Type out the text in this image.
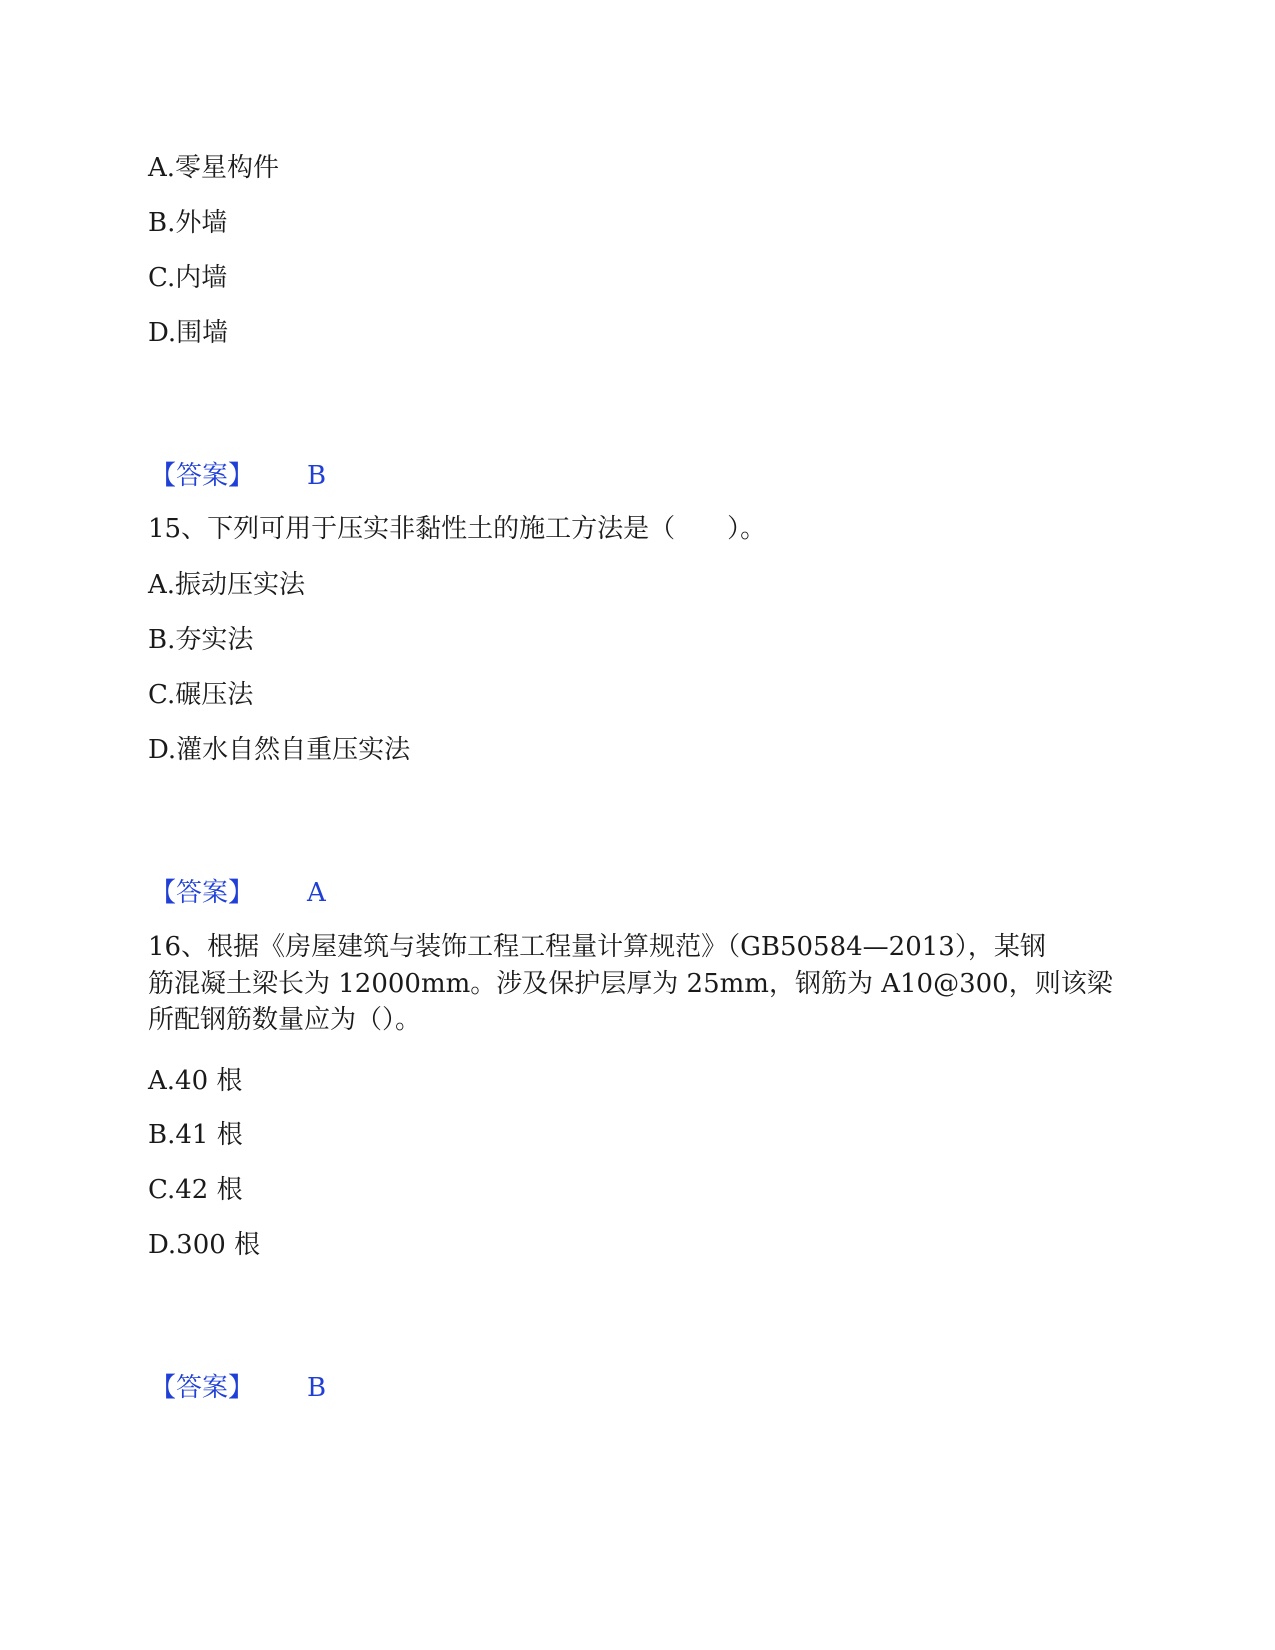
A.零星构件
B.外墙
C.内墙
D.围墙
【答案】 B
15、下列可用于压实非黏性土的施工方法是（　　）。
A.振动压实法
B.夯实法
C.碾压法
D.灌水自然自重压实法
【答案】 A
16、根据《房屋建筑与装饰工程工程量计算规范》（GB50584—2013），某钢
筋混凝土梁长为 12000mm。涉及保护层厚为 25mm，钢筋为 A10@300，则该梁
所配钢筋数量应为（）。
A.40 根
B.41 根
C.42 根
D.300 根
【答案】 B
